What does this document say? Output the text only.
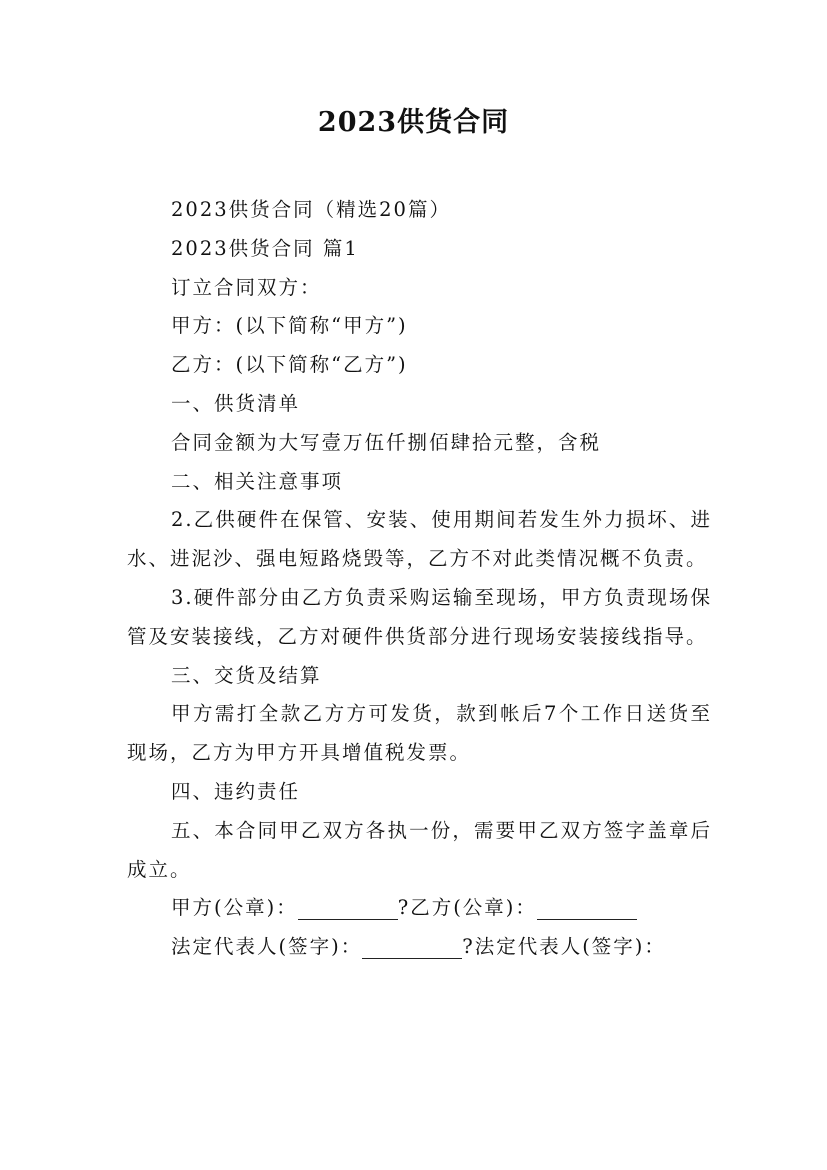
2023供货合同
2023供货合同（精选20篇）
2023供货合同 篇1
订立合同双方：
甲方：(以下简称“甲方”)
乙方：(以下简称“乙方”)
一、供货清单
合同金额为大写壹万伍仟捌佰肆拾元整，含税
二、相关注意事项
2.乙供硬件在保管、安装、使用期间若发生外力损坏、进水、进泥沙、强电短路烧毁等，乙方不对此类情况概不负责。
3.硬件部分由乙方负责采购运输至现场，甲方负责现场保管及安装接线，乙方对硬件供货部分进行现场安装接线指导。
三、交货及结算
甲方需打全款乙方方可发货，款到帐后7个工作日送货至现场，乙方为甲方开具增值税发票。
四、违约责任
五、本合同甲乙双方各执一份，需要甲乙双方签字盖章后成立。
甲方(公章)：	?乙方(公章)：
法定代表人(签字)：	?法定代表人(签字)：
